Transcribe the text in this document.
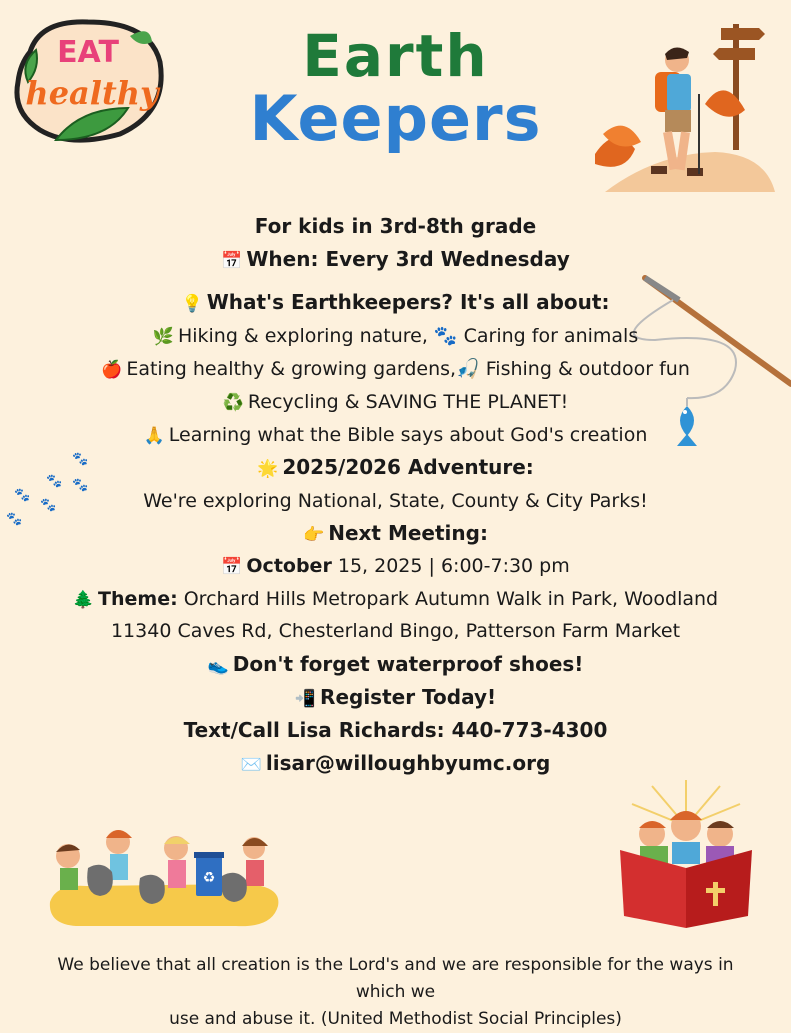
EAT
healthy
Earth
Keepers
🐾
🐾 🐾
🐾
🐾
🐾
For kids in 3rd-8th grade
📅 When: Every 3rd Wednesday
💡 What's Earthkeepers? It's all about:
🌿 Hiking & exploring nature, 🐾 Caring for animals
🍎 Eating healthy & growing gardens,🎣 Fishing & outdoor fun
♻️ Recycling & SAVING THE PLANET!
🙏 Learning what the Bible says about God's creation
🌟 2025/2026 Adventure:
We're exploring National, State, County & City Parks!
👉 Next Meeting:
📅 October 15, 2025 | 6:00-7:30 pm
🌲 Theme: Orchard Hills Metropark Autumn Walk in Park, Woodland
11340 Caves Rd, Chesterland Bingo, Patterson Farm Market
👟 Don't forget waterproof shoes!
📲 Register Today!
Text/Call Lisa Richards: 440-773-4300
✉️ lisar@willoughbyumc.org
♻
We believe that all creation is the Lord's and we are responsible for the ways in which we
use and abuse it. (United Methodist Social Principles)
